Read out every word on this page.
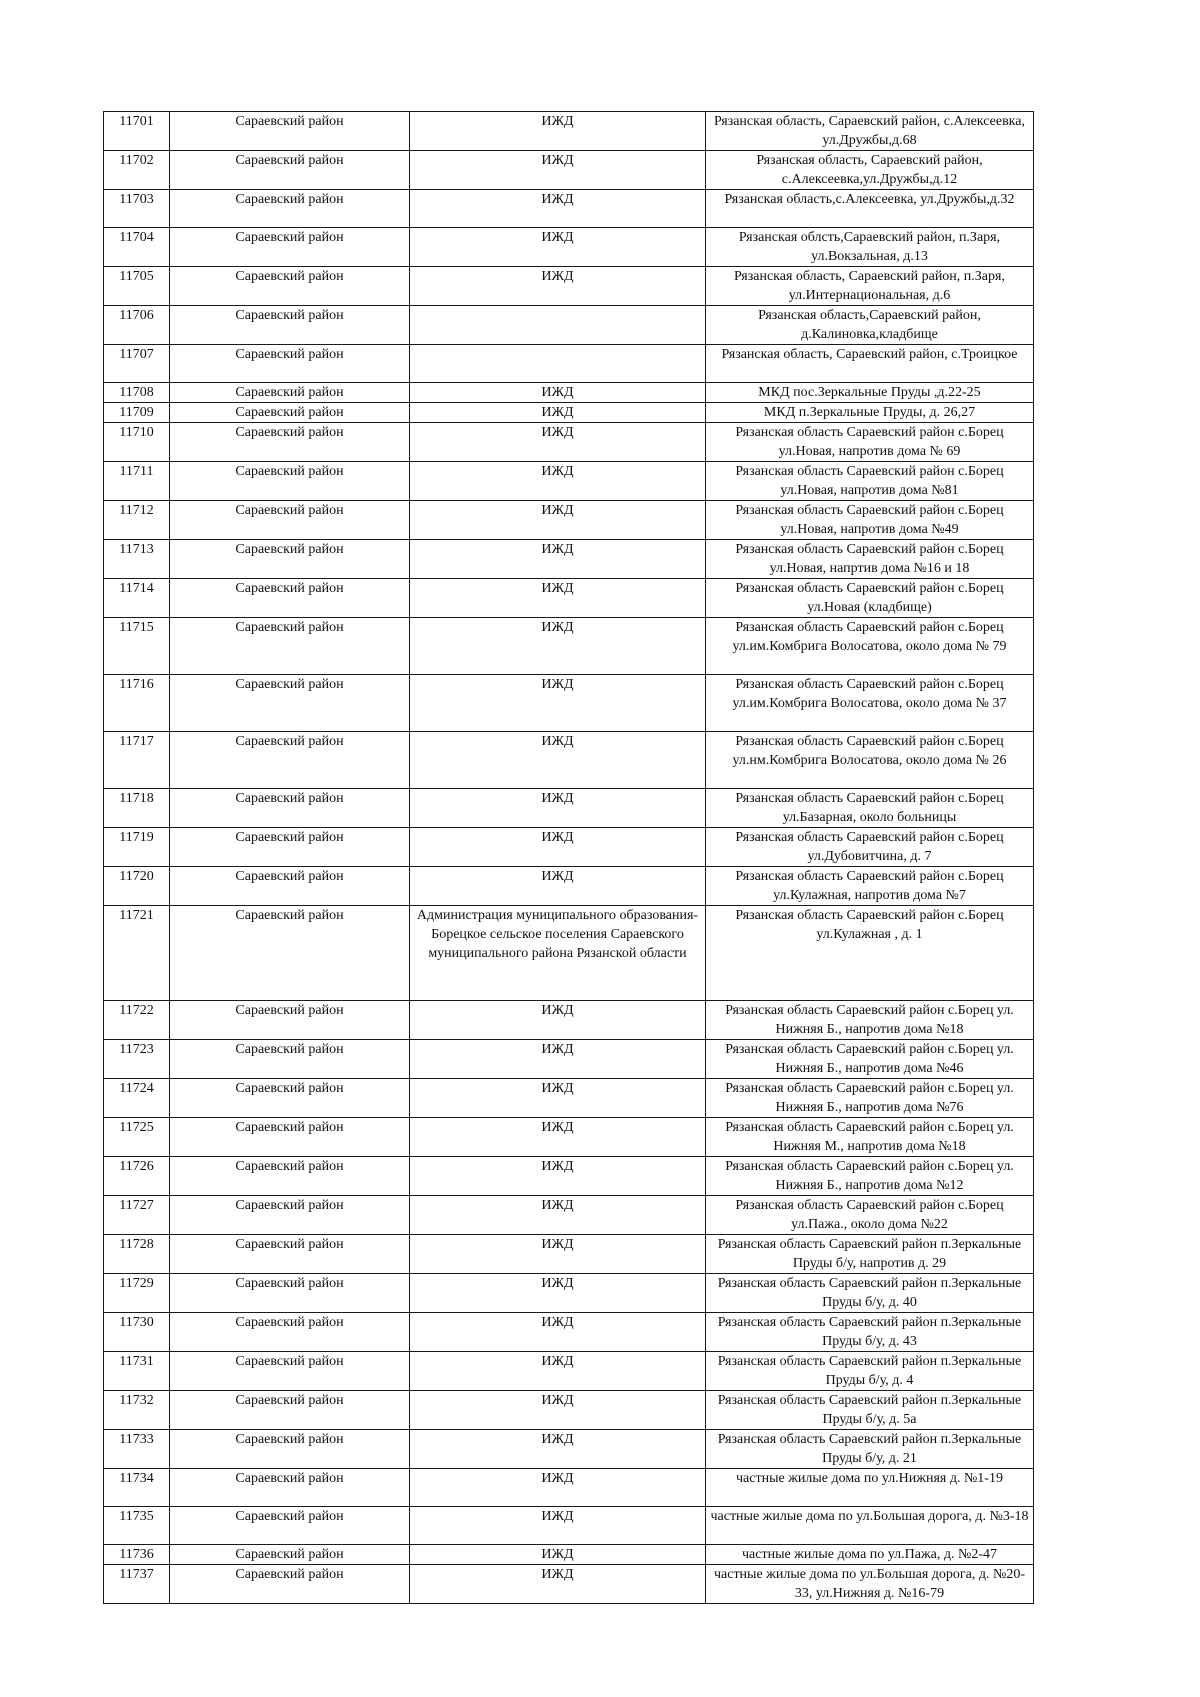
11701	Сараевский район	ИЖД	Рязанская область, Сараевский район, с.Алексеевка, ул.Дружбы,д.68
11702	Сараевский район	ИЖД	Рязанская область, Сараевский район, с.Алексеевка,ул.Дружбы,д.12
11703	Сараевский район	ИЖД	Рязанская область,с.Алексеевка, ул.Дружбы,д.32
11704	Сараевский район	ИЖД	Рязанская облсть,Сараевский район, п.Заря, ул.Вокзальная, д.13
11705	Сараевский район	ИЖД	Рязанская область, Сараевский район, п.Заря, ул.Интернациональная, д.6
11706	Сараевский район		Рязанская область,Сараевский район, д.Калиновка,кладбище
11707	Сараевский район		Рязанская область, Сараевский район, с.Троицкое
11708	Сараевский район	ИЖД	МКД пос.Зеркальные Пруды ,д.22-25
11709	Сараевский район	ИЖД	МКД п.Зеркальные Пруды, д. 26,27
11710	Сараевский район	ИЖД	Рязанская область Сараевский район с.Борец ул.Новая, напротив дома № 69
11711	Сараевский район	ИЖД	Рязанская область Сараевский район с.Борец ул.Новая, напротив дома №81
11712	Сараевский район	ИЖД	Рязанская область Сараевский район с.Борец ул.Новая, напротив дома №49
11713	Сараевский район	ИЖД	Рязанская область Сараевский район с.Борец ул.Новая, напртив дома №16 и 18
11714	Сараевский район	ИЖД	Рязанская область Сараевский район с.Борец ул.Новая (кладбище)
11715	Сараевский район	ИЖД	Рязанская область Сараевский район с.Борец ул.им.Комбрига Волосатова, около дома № 79
11716	Сараевский район	ИЖД	Рязанская область Сараевский район с.Борец ул.им.Комбрига Волосатова, около дома № 37
11717	Сараевский район	ИЖД	Рязанская область Сараевский район с.Борец ул.нм.Комбрига Волосатова, около дома № 26
11718	Сараевский район	ИЖД	Рязанская область Сараевский район с.Борец ул.Базарная, около больницы
11719	Сараевский район	ИЖД	Рязанская область Сараевский район с.Борец ул.Дубовитчина, д. 7
11720	Сараевский район	ИЖД	Рязанская область Сараевский район с.Борец ул.Кулажная, напротив дома №7
11721	Сараевский район	Администрация муниципального образования- Борецкое сельское поселения Сараевского муниципального района Рязанской области	Рязанская область Сараевский район с.Борец ул.Кулажная , д. 1
11722	Сараевский район	ИЖД	Рязанская область Сараевский район с.Борец ул. Нижняя Б., напротив дома №18
11723	Сараевский район	ИЖД	Рязанская область Сараевский район с.Борец ул. Нижняя Б., напротив дома №46
11724	Сараевский район	ИЖД	Рязанская область Сараевский район с.Борец ул. Нижняя Б., напротив дома №76
11725	Сараевский район	ИЖД	Рязанская область Сараевский район с.Борец ул. Нижняя М., напротив дома №18
11726	Сараевский район	ИЖД	Рязанская область Сараевский район с.Борец ул. Нижняя Б., напротив дома №12
11727	Сараевский район	ИЖД	Рязанская область Сараевский район с.Борец ул.Пажа., около дома №22
11728	Сараевский район	ИЖД	Рязанская область Сараевский район п.Зеркальные Пруды б/у, напротив д. 29
11729	Сараевский район	ИЖД	Рязанская область Сараевский район п.Зеркальные Пруды б/у, д. 40
11730	Сараевский район	ИЖД	Рязанская область Сараевский район п.Зеркальные Пруды б/у, д. 43
11731	Сараевский район	ИЖД	Рязанская область Сараевский район п.Зеркальные Пруды б/у, д. 4
11732	Сараевский район	ИЖД	Рязанская область Сараевский район п.Зеркальные Пруды б/у, д. 5а
11733	Сараевский район	ИЖД	Рязанская область Сараевский район п.Зеркальные Пруды б/у, д. 21
11734	Сараевский район	ИЖД	частные жилые дома по ул.Нижняя д. №1-19
11735	Сараевский район	ИЖД	частные жилые дома по ул.Большая дорога, д. №3-18
11736	Сараевский район	ИЖД	частные жилые дома по ул.Пажа, д. №2-47
11737	Сараевский район	ИЖД	частные жилые дома по ул.Большая дорога, д. №20-33, ул.Нижняя д. №16-79
